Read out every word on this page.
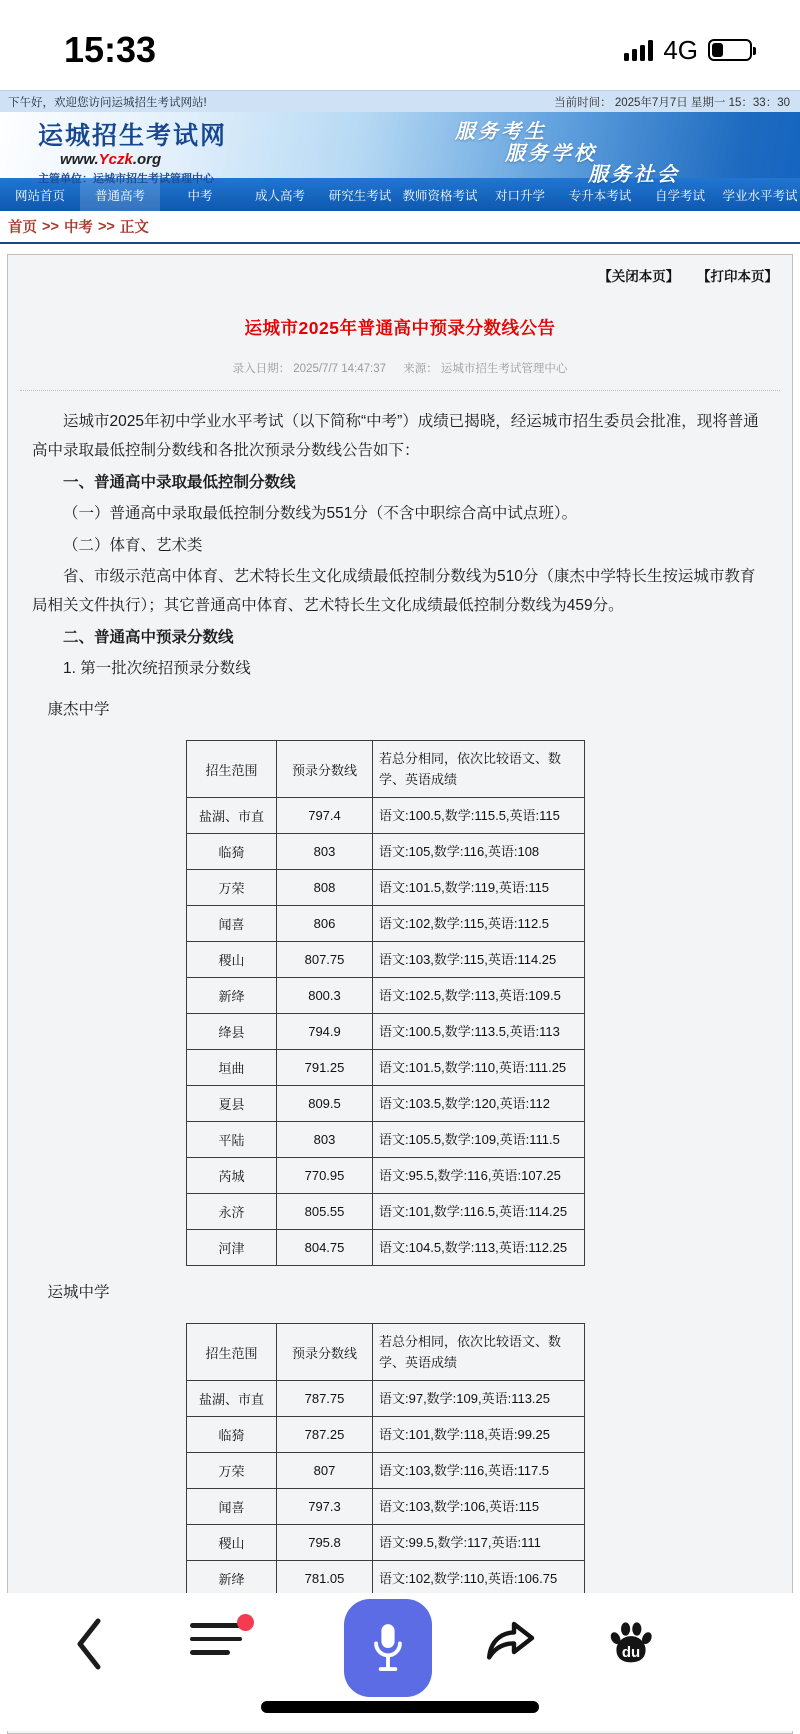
15:33	4G
下午好，欢迎您访问运城招生考试网站!	当前时间： 2025年7月7日 星期一 15：33：30
运城招生考试网
www.Yczk.org
主管单位：运城市招生考试管理中心
服务考生
服务学校
服务社会
网站首页	普通高考	中考	成人高考	研究生考试 教师资格考试	对口升学	专升本考试	自学考试	学业水平考试
首页 >> 中考 >> 正文
【关闭本页】 【打印本页】
运城市2025年普通高中预录分数线公告
录入日期： 2025/7/7 14:47:37 来源： 运城市招生考试管理中心

运城市2025年初中学业水平考试（以下简称“中考”）成绩已揭晓，经运城市招生委员会批准，现将普通高中录取最低控制分数线和各批次预录分数线公告如下：

一、普通高中录取最低控制分数线

（一）普通高中录取最低控制分数线为551分（不含中职综合高中试点班）。

（二）体育、艺术类

省、市级示范高中体育、艺术特长生文化成绩最低控制分数线为510分（康杰中学特长生按运城市教育局相关文件执行）；其它普通高中体育、艺术特长生文化成绩最低控制分数线为459分。

二、普通高中预录分数线

1. 第一批次统招预录分数线

康杰中学
招生范围	预录分数线	若总分相同，依次比较语文、数学、英语成绩
盐湖、市直	797.4	语文:100.5,数学:115.5,英语:115
临猗	803	语文:105,数学:116,英语:108
万荣	808	语文:101.5,数学:119,英语:115
闻喜	806	语文:102,数学:115,英语:112.5
稷山	807.75	语文:103,数学:115,英语:114.25
新绛	800.3	语文:102.5,数学:113,英语:109.5
绛县	794.9	语文:100.5,数学:113.5,英语:113
垣曲	791.25	语文:101.5,数学:110,英语:111.25
夏县	809.5	语文:103.5,数学:120,英语:112
平陆	803	语文:105.5,数学:109,英语:111.5
芮城	770.95	语文:95.5,数学:116,英语:107.25
永济	805.55	语文:101,数学:116.5,英语:114.25
河津	804.75	语文:104.5,数学:113,英语:112.25
运城中学
招生范围	预录分数线	若总分相同，依次比较语文、数学、英语成绩
盐湖、市直	787.75	语文:97,数学:109,英语:113.25
临猗	787.25	语文:101,数学:118,英语:99.25
万荣	807	语文:103,数学:116,英语:117.5
闻喜	797.3	语文:103,数学:106,英语:115
稷山	795.8	语文:99.5,数学:117,英语:111
新绛	781.05	语文:102,数学:110,英语:106.75

du
